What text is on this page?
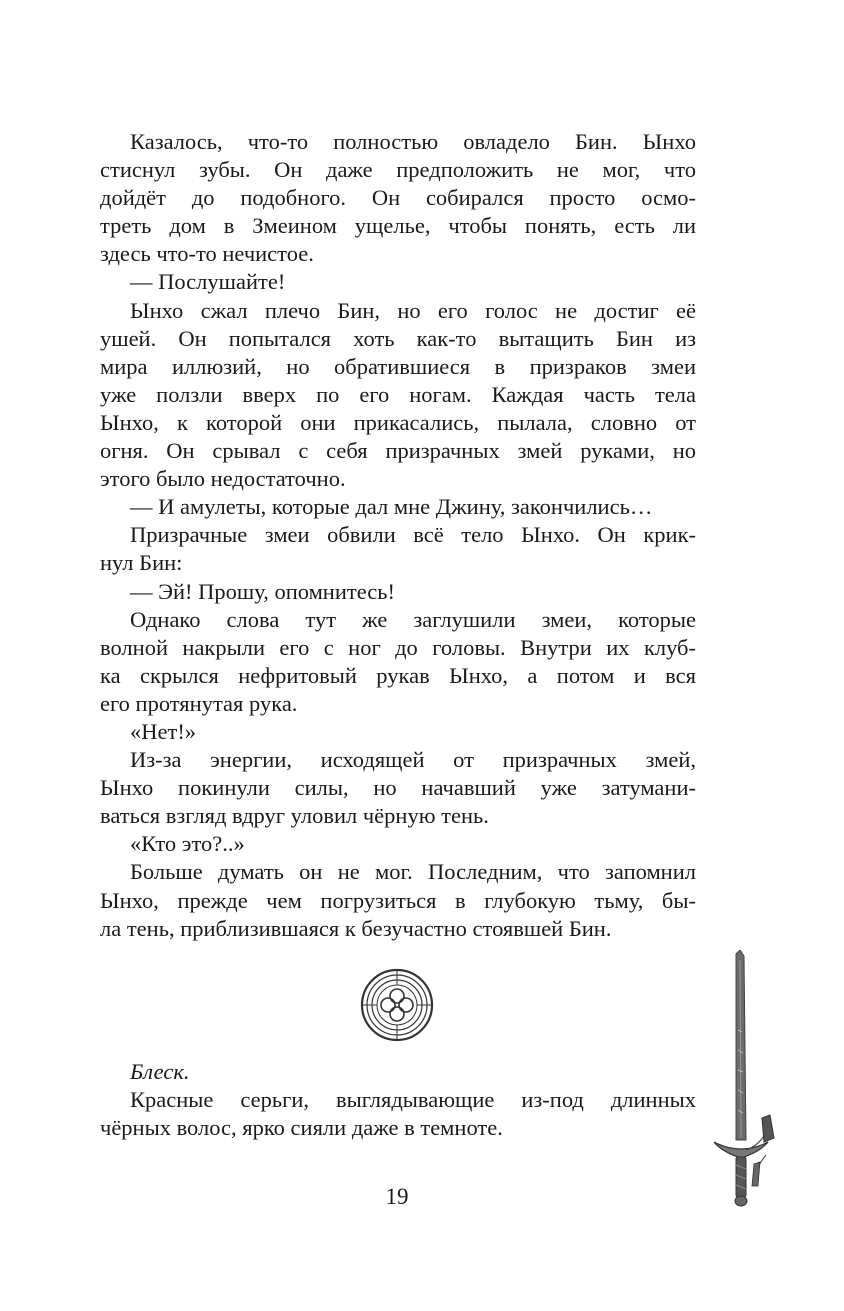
Казалось, что-то полностью овладело Бин. Ынхо
стиснул зубы. Он даже предположить не мог, что
дойдёт до подобного. Он собирался просто осмо-
треть дом в Змеином ущелье, чтобы понять, есть ли
здесь что-то нечистое.
— Послушайте!
Ынхо сжал плечо Бин, но его голос не достиг её
ушей. Он попытался хоть как-то вытащить Бин из
мира иллюзий, но обратившиеся в призраков змеи
уже ползли вверх по его ногам. Каждая часть тела
Ынхо, к которой они прикасались, пылала, словно от
огня. Он срывал с себя призрачных змей руками, но
этого было недостаточно.
— И амулеты, которые дал мне Джину, закончились…
Призрачные змеи обвили всё тело Ынхо. Он крик-
нул Бин:
— Эй! Прошу, опомнитесь!
Однако слова тут же заглушили змеи, которые
волной накрыли его с ног до головы. Внутри их клуб-
ка скрылся нефритовый рукав Ынхо, а потом и вся
его протянутая рука.
«Нет!»
Из-за энергии, исходящей от призрачных змей,
Ынхо покинули силы, но начавший уже затумани-
ваться взгляд вдруг уловил чёрную тень.
«Кто это?..»
Больше думать он не мог. Последним, что запомнил
Ынхо, прежде чем погрузиться в глубокую тьму, бы-
ла тень, приблизившаяся к безучастно стоявшей Бин.
Блеск.
Красные серьги, выглядывающие из-под длинных
чёрных волос, ярко сияли даже в темноте.
19
